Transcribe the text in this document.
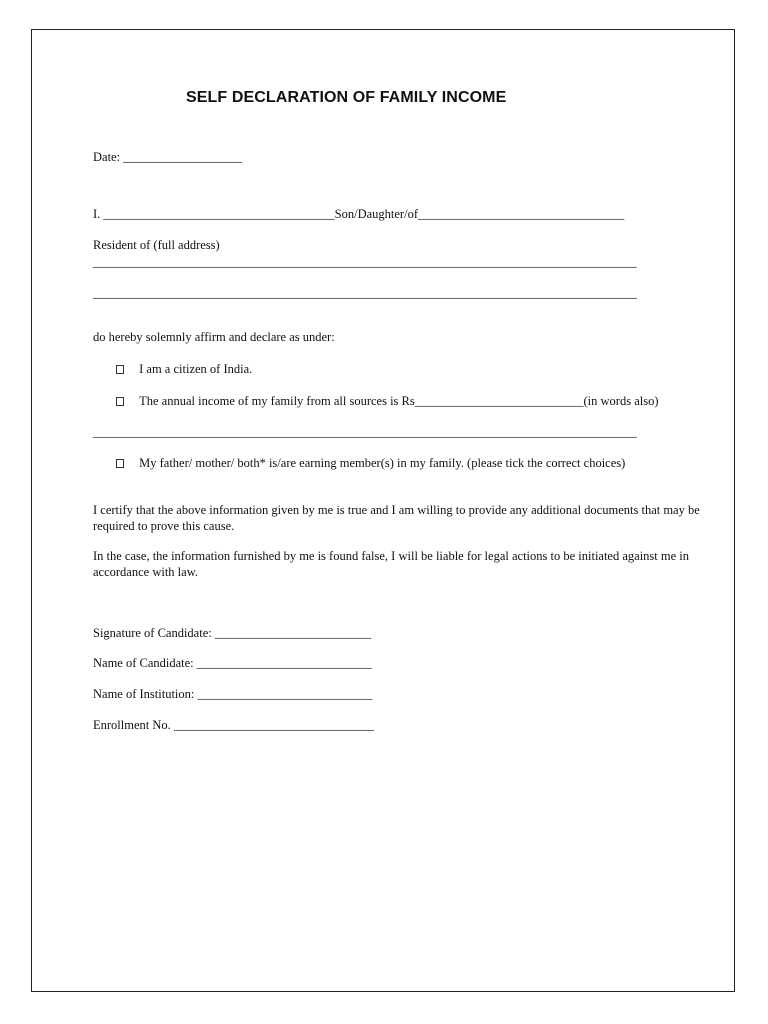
SELF DECLARATION OF FAMILY INCOME
Date: ___________________
I. _____________________________________Son/Daughter/of_________________________________
Resident of (full address)
_______________________________________________________________________________________
_______________________________________________________________________________________
do hereby solemnly affirm and declare as under:
I am a citizen of India.
The annual income of my family from all sources is Rs___________________________(in words also)
_______________________________________________________________________________________
My father/ mother/ both* is/are earning member(s) in my family. (please tick the correct choices)
I certify that the above information given by me is true and I am willing to provide any additional documents that may be required to prove this cause.
In the case, the information furnished by me is found false, I will be liable for legal actions to be initiated against me in accordance with law.
Signature of Candidate: _________________________
Name of Candidate: ____________________________
Name of Institution: ____________________________
Enrollment No. ________________________________
